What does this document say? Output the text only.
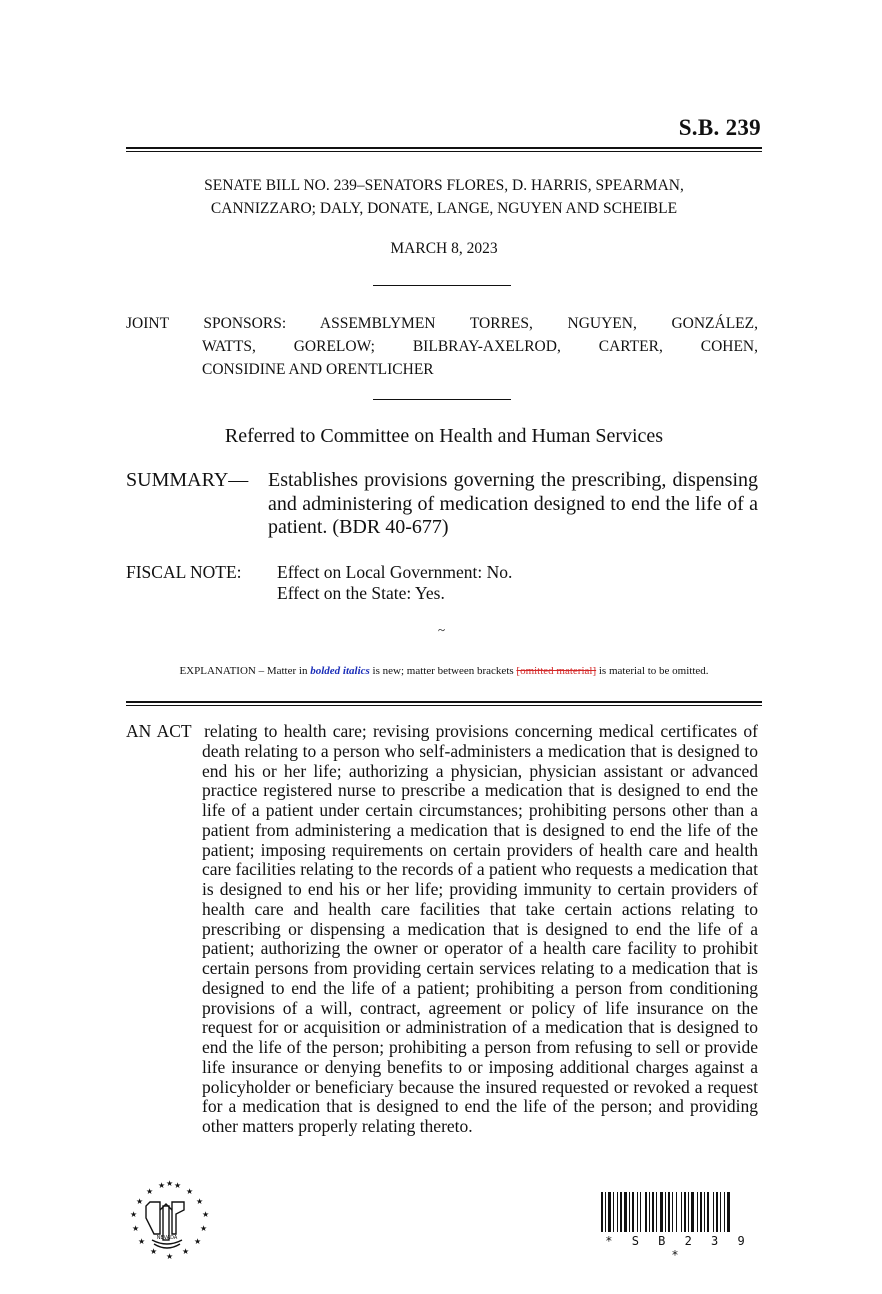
S.B. 239
SENATE BILL NO. 239–SENATORS FLORES, D. HARRIS, SPEARMAN,
CANNIZZARO; DALY, DONATE, LANGE, NGUYEN AND SCHEIBLE
MARCH 8, 2023
JOINT SPONSORS: ASSEMBLYMEN TORRES, NGUYEN, GONZÁLEZ,
WATTS, GORELOW; BILBRAY-AXELROD, CARTER, COHEN,
CONSIDINE AND ORENTLICHER
Referred to Committee on Health and Human Services
SUMMARY— Establishes provisions governing the prescribing, dispensing and administering of medication designed to end the life of a patient. (BDR 40-677)
FISCAL NOTE: Effect on Local Government: No.
Effect on the State: Yes.
~
EXPLANATION – Matter in bolded italics is new; matter between brackets [omitted material] is material to be omitted.
AN ACT relating to health care; revising provisions concerning medical certificates of death relating to a person who self-administers a medication that is designed to end his or her life; authorizing a physician, physician assistant or advanced practice registered nurse to prescribe a medication that is designed to end the life of a patient under certain circumstances; prohibiting persons other than a patient from administering a medication that is designed to end the life of the patient; imposing requirements on certain providers of health care and health care facilities relating to the records of a patient who requests a medication that is designed to end his or her life; providing immunity to certain providers of health care and health care facilities that take certain actions relating to prescribing or dispensing a medication that is designed to end the life of a patient; authorizing the owner or operator of a health care facility to prohibit certain persons from providing certain services relating to a medication that is designed to end the life of a patient; prohibiting a person from conditioning provisions of a will, contract, agreement or policy of life insurance on the request for or acquisition or administration of a medication that is designed to end the life of the person; prohibiting a person from refusing to sell or provide life insurance or denying benefits to or imposing additional charges against a policyholder or beneficiary because the insured requested or revoked a request for a medication that is designed to end the life of the person; and providing other matters properly relating thereto.
★ ★ ★
★	★
★	★
★	★
★	★
★	★
★	★
★
NEVADA	* S B 2 3 9 *
